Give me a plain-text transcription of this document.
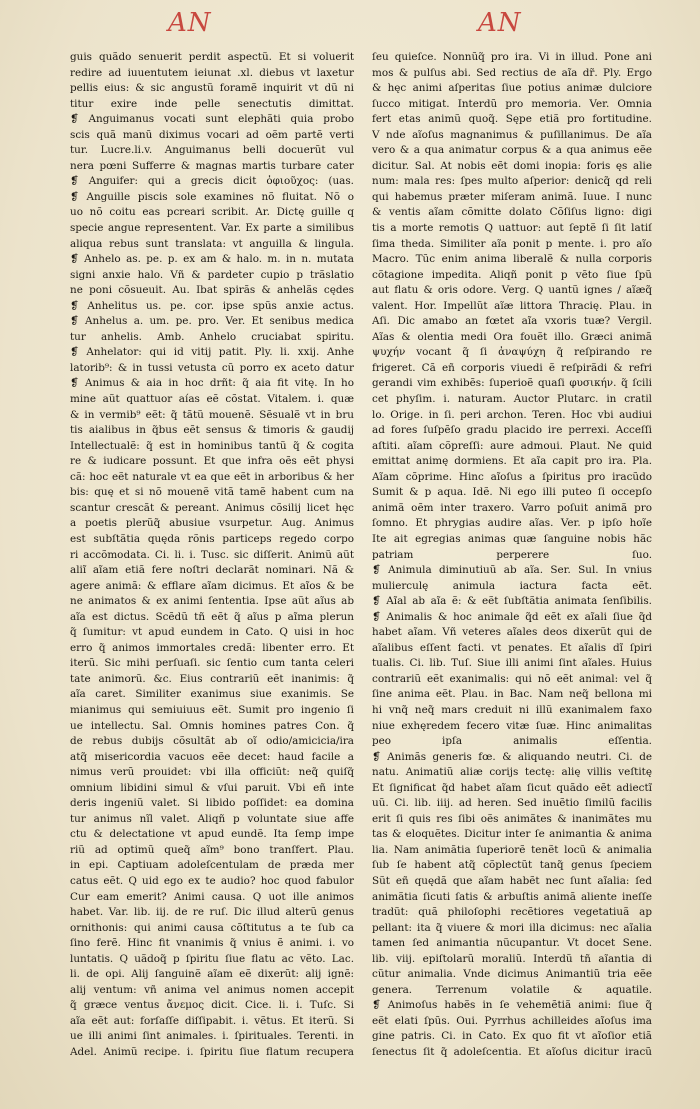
AN	AN
guis quãdo senuerit perdit aspectũ. Et si voluerit
redire ad iuuentutem ieiunat .xl. diebus vt laxetur
pellis eius: & sic angustũ foramẽ inquirit vt dũ ni
titur exire inde pelle senectutis dimittat.
❡ Anguimanus vocati sunt elephãti quia probo
scis quã manũ diximus vocari ad oẽm partẽ verti
tur. Lucre.li.v. Anguimanus belli docuerũt vul
nera pœni Sufferre & magnas martis turbare cater
❡ Anguifer: qui a grecis dicit ὀφιοῦχος: (uas.
❡ Anguille piscis sole examines nõ fluitat. Nõ o
uo nõ coitu eas pcreari scribit. Ar. Dictę guille q
specie angue representent. Var. Ex parte a similibus
aliqua rebus sunt translata: vt anguilla & lingula.
❡ Anhelo as. pe. p. ex am & halo. m. in n. mutata
signi anxie halo. Vñ & pardeter cupio p trãslatio
ne poni cõsueuit. Au. Ibat spirãs & anhelãs cędes
❡ Anhelitus us. pe. cor. ipse spũs anxie actus.
❡ Anhelus a. um. pe. pro. Ver. Et senibus medica
tur anhelis. Amb. Anhelo cruciabat spiritu.
❡ Anhelator: qui id vitij patit. Ply. li. xxij. Anhe
latorib⁹: & in tussi vetusta cũ porro ex aceto datur
❡ Animus & aia in hoc drñt: q̃ aia fit vitę. In ho
mine aũt quattuor aías eẽ cõstat. Vitalem. i. quæ
& in vermib⁹ eẽt: q̃ tãtũ mouenẽ. Sẽsualẽ vt in bru
tis aialibus in q̃bus eẽt sensus & timoris & gaudij
Intellectualẽ: q̃ est in hominibus tantũ q̃ & cogita
re & iudicare possunt. Et que infra oẽs eẽt physi
cã: hoc eẽt naturale vt ea que eẽt in arboribus & her
bis: quę et si nõ mouenẽ vitã tamẽ habent cum na
scantur crescãt & pereant. Animus cõsilij licet hęc
a poetis plerũq̃ abusiue vsurpetur. Aug. Animus
est subſtãtia quęda rõnis particeps regedo corpo
ri accõmodata. Ci. li. i. Tusc. sic diſſerit. Animũ aũt
aliĩ aĩam etiã fere noſtri declarãt nominari. Nã &
agere animã: & efflare aĩam dicimus. Et aĩos & be
ne animatos & ex animi ſententia. Ipse aũt aĩus ab
aĩa est dictus. Scẽdũ tñ eẽt q̃ aĩus p aĩma plerun
q̃ ſumitur: vt apud eundem in Cato. Q uisi in hoc
erro q̃ animos immortales credã: libenter erro. Et
iterũ. Sic mihi perſuaſi. sic ſentio cum tanta celeri
tate animorũ. &c. Eius contrariũ eẽt inanimis: q̃
aĩa caret. Similiter exanimus siue exanimis. Se
mianimus qui semiuiuus eẽt. Sumit pro ingenio ſi
ue intellectu. Sal. Omnis homines patres Con. q̃
de rebus dubijs cõsultãt ab oĩ odio/amicicia/ira
atq̃ misericordia vacuos eẽe decet: haud facile a
nimus verũ prouidet: vbi illa officiũt: neq̃ quiſq̃
omnium libidini simul & vſui paruit. Vbi eñ inte
deris ingeniũ valet. Si libido poſſidet: ea domina
tur animus nĩl valet. Aliqñ p voluntate siue affe
ctu & delectatione vt apud eundẽ. Ita ſemp impe
riũ ad optimũ queq̃ aĩm⁹ bono tranſfert. Plau.
in epi. Captiuam adoleſcentulam de præda mer
catus eẽt. Q uid ego ex te audio? hoc quod fabulor
Cur eam emerit? Animi causa. Q uot ille animos
habet. Var. lib. iij. de re ruſ. Dic illud alterũ genus
ornithonis: qui animi causa cõſtitutus a te ſub ca
ſino ferẽ. Hinc fit vnanimis q̃ vnius ẽ animi. i. vo
luntatis. Q uãdoq̃ p ſpiritu ſiue flatu ac vẽto. Lac.
li. de opi. Alij ſanguinẽ aĩam eẽ dixerũt: alij ignẽ:
alij ventum: vñ anima vel animus nomen accepit
q̃ græce ventus ἄνεμος dicit. Cice. li. i. Tuſc. Si
aĩa eẽt aut: forſaſſe diſſipabit. i. vẽtus. Et iterũ. Si
ue illi animi ſint animales. i. ſpirituales. Terenti. in
Adel. Animũ recipe. i. ſpiritu ſiue flatum recupera
ſeu quieſce. Nonnũq̃ pro ira. Vi in illud. Pone ani
mos & pulſus abi. Sed rectius de aĩa dr̃. Ply. Ergo
& hęc animi aſperitas ſiue potius animæ dulciore
ſucco mitigat. Interdũ pro memoria. Ver. Omnia
fert etas animũ quoq̃. Sępe etiã pro fortitudine.
V nde aĩoſus magnanimus & puſillanimus. De aĩa
vero & a qua animatur corpus & a qua animus eẽe
dicitur. Sal. At nobis eẽt domi inopia: foris ęs alie
num: mala res: ſpes multo aſperior: denicq̃ qd reli
qui habemus præter miſeram animã. Iuue. I nunc
& ventis aĩam cõmitte dolato Cõſiſus ligno: digi
tis a morte remotis Q uattuor: aut ſeptẽ ſi ſit latiſ
ſima theda. Similiter aĩa ponit p mente. i. pro aĩo
Macro. Tũc enim anima liberalẽ & nulla corporis
cõtagione impedita. Aliqñ ponit p vẽto ſiue ſpũ
aut flatu & oris odore. Verg. Q uantũ ignes / aĩæq̃
valent. Hor. Impellũt aĩæ littora Thracię. Plau. in
Aſi. Dic amabo an fœtet aĩa vxoris tuæ? Vergil.
Aĩas & olentia medi Ora fouẽt illo. Græci animã
ψυχήν vocant q̃ ſi ἀναψύχη q̃ reſpirando re
frigeret. Cã eñ corporis viuedi ẽ reſpirãdi & refri
gerandi vim exhibẽs: ſuperioẽ quaſi φυσικήν. q̃ ſcili
cet phyſim. i. naturam. Auctor Plutarc. in cratil
lo. Orige. in ſi. peri archon. Teren. Hoc vbi audiui
ad fores ſuſpẽſo gradu placido ire perrexi. Acceſſi
aſtiti. aĩam cõpreſſi: aure admoui. Plaut. Ne quid
emittat animę dormiens. Et aĩa capit pro ira. Pla.
Aĩam cõprime. Hinc aĩoſus a ſpiritus pro iracũdo
Sumit & p aqua. Idẽ. Ni ego illi puteo ſi occepſo
animã oẽm inter traxero. Varro poſuit animã pro
ſomno. Et phrygias audire aĩas. Ver. p ipſo hoĩe
Ite ait egregias animas quæ ſanguine nobis hãc
patriam perperere ſuo.
❡ Animula diminutiuũ ab aĩa. Ser. Sul. In vnius
mulierculę animula iactura facta eẽt.
❡ Aĩal ab aĩa ẽ: & eẽt ſubſtãtia animata ſenſibilis.
❡ Animalis & hoc animale q̃d eẽt ex aĩali ſiue q̃d
habet aĩam. Vñ veteres aĩales deos dixerũt qui de
aĩalibus eſſent facti. vt penates. Et aĩalis dĩ ſpiri
tualis. Ci. lib. Tuſ. Siue illi animi ſint aĩales. Huius
contrariũ eẽt exanimalis: qui nõ eẽt animal: vel q̃
ſine anima eẽt. Plau. in Bac. Nam neq̃ bellona mi
hi vnq̃ neq̃ mars creduit ni illũ exanimalem faxo
niue exhęredem fecero vitæ ſuæ. Hinc animalitas
peo ipſa animalis eſſentia.
❡ Animãs generis fœ. & aliquando neutri. Ci. de
natu. Animatiũ aliæ corijs tectę: alię villis veſtitę
Et ſignificat q̃d habet aĩam ſicut quãdo eẽt adiectĩ
uũ. Ci. lib. iiij. ad heren. Sed inuẽtio ſimilũ facilis
erit ſi quis res ſibi oẽs animãtes & inanimãtes mu
tas & eloquẽtes. Dicitur inter ſe animantia & anima
lia. Nam animãtia ſuperiorẽ tenẽt locũ & animalia
ſub ſe habent atq̃ cõplectũt tanq̃ genus ſpeciem
Sũt eñ quędã que aĩam habẽt nec ſunt aĩalia: ſed
animãtia ſicuti ſatis & arbuſtis animã aliente ineſſe
tradũt: quã philoſophi recẽtiores vegetatiuã ap
pellant: ita q̃ viuere & mori illa dicimus: nec aĩalia
tamen ſed animantia nũcupantur. Vt docet Sene.
lib. viij. epiſtolarũ moraliũ. Interdũ tñ aĩantia di
cũtur animalia. Vnde dicimus Animantiũ tria eẽe
genera. Terrenum volatile & aquatile.
❡ Animoſus habẽs in ſe vehemẽtiã animi: ſiue q̃
eẽt elati ſpũs. Oui. Pyrrhus achilleides aĩoſus ima
gine patris. Ci. in Cato. Ex quo fit vt aĩoſior etiã
ſenectus ſit q̃ adoleſcentia. Et aĩoſus dicitur iracũ
